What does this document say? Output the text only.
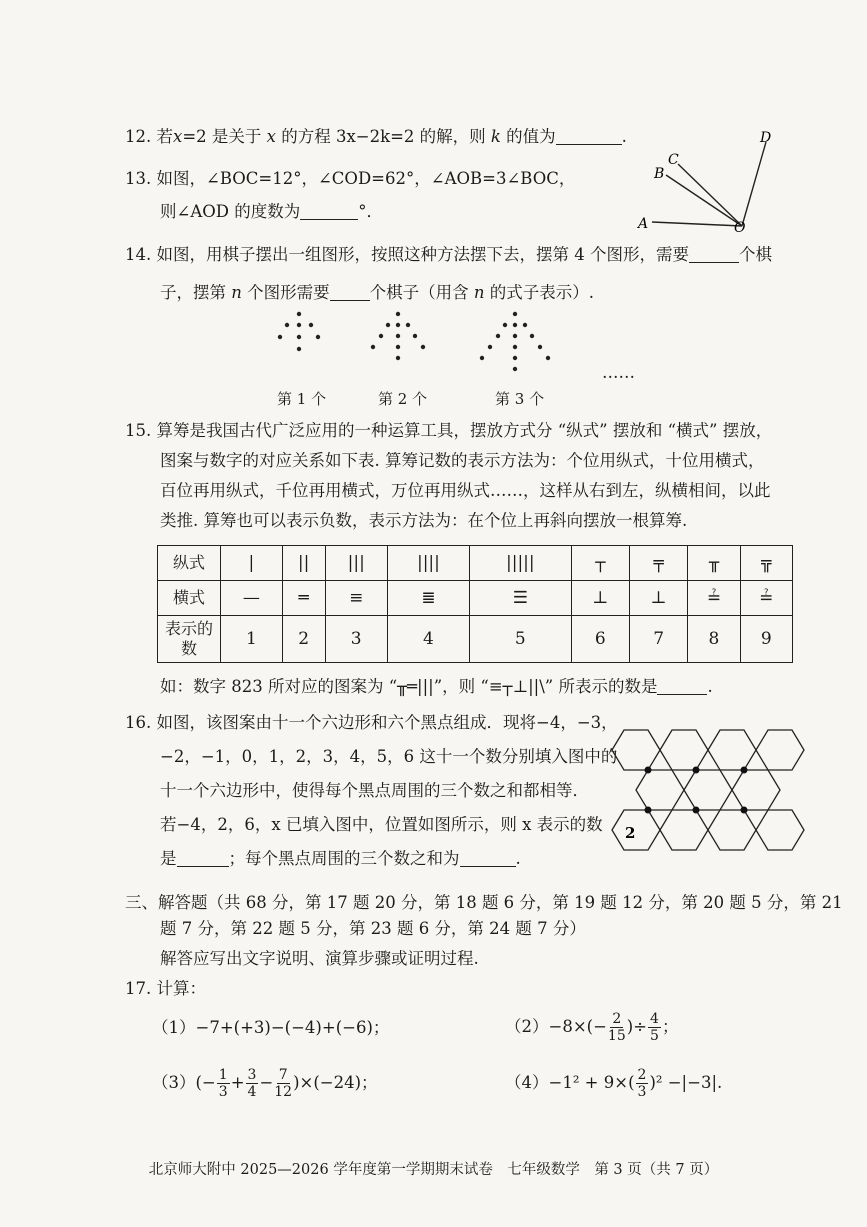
12. 若x=2 是关于 x 的方程 3x−2k=2 的解，则 k 的值为	.
A
B
C
D
O
13. 如图，∠BOC=12°，∠COD=62°，∠AOB=3∠BOC，
则∠AOD 的度数为	°．
14. 如图，用棋子摆出一组图形，按照这种方法摆下去，摆第 4 个图形，需要	个棋
子，摆第 n 个图形需要 个棋子（用含 n 的式子表示）.
第 1 个	第 2 个	第 3 个
……
15. 算筹是我国古代广泛应用的一种运算工具，摆放方式分 “纵式” 摆放和 “横式” 摆放，
图案与数字的对应关系如下表. 算筹记数的表示方法为：个位用纵式，十位用横式，
百位再用纵式，千位再用横式，万位再用纵式……，这样从右到左，纵横相间，以此
类推. 算筹也可以表示负数，表示方法为：在个位上再斜向摆放一根算筹.
纵式	|	||	|||	||||	|||||	┬	╤	╥	╦
横式	—	═	≡	≣	☰	⊥	⊥	≟	≟
表示的数	1	2	3	4	5	6	7	8	9
如：数字 823 所对应的图案为 “╥═|||”，则 “≡┬⊥||\” 所表示的数是	.
16. 如图，该图案由十一个六边形和六个黑点组成．现将−4，−3，
−2，−1，0，1，2，3，4，5，6 这十一个数分别填入图中的
十一个六边形中，使得每个黑点周围的三个数之和都相等．
若−4，2，6，x 已填入图中，位置如图所示，则 x 表示的数
是	；每个黑点周围的三个数之和为	.
2
三、解答题（共 68 分，第 17 题 20 分，第 18 题 6 分，第 19 题 12 分，第 20 题 5 分，第 21
题 7 分，第 22 题 5 分，第 23 题 6 分，第 24 题 7 分）
解答应写出文字说明、演算步骤或证明过程.
17. 计算：
（1）−7+(+3)−(−4)+(−6)；	$(2)-8\times(- \frac{2}{15}$ )÷ $\frac{4}{5}$ ；
$(3)(- \frac{1}{3} + \frac{3}{4} - \frac{7}{12} )\times(-24)$；	$(4)-1^2 + 9\times( \frac{2}{3} )^2 -|-3|$.
北京师大附中 2025—2026 学年度第一学期期末试卷　七年级数学　第 3 页（共 7 页）
